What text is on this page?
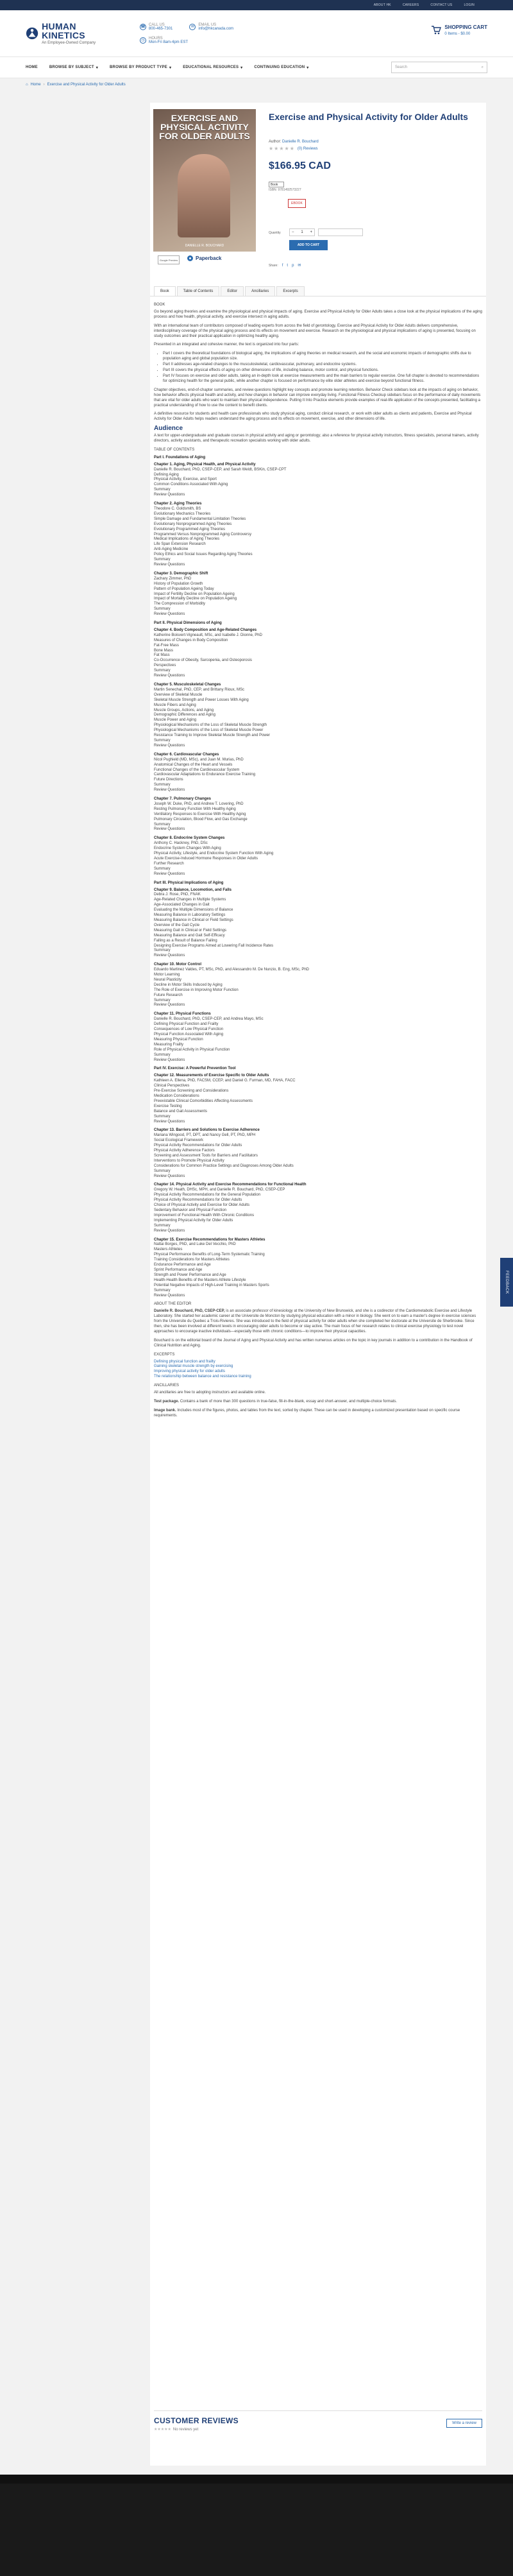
ABOUT HK	CAREERS	CONTACT US	LOGIN
HUMAN KINETICS
An Employee-Owned Company
☎
CALL US
800-465-7301	✉
EMAIL US
info@hkcanada.com
◷
HOURS
Mon-Fri 8am-4pm EST
SHOPPING CART
0 Items - $0.00
HOME	BROWSE BY SUBJECT ▾	BROWSE BY PRODUCT TYPE ▾	EDUCATIONAL RESOURCES ▾	CONTINUING EDUCATION ▾	Search	⌕
⌂ Home › Exercise and Physical Activity for Older Adults
EXERCISE AND PHYSICAL ACTIVITY FOR OLDER ADULTS
DANIELLE R. BOUCHARD
Google Preview	Paperback
Exercise and Physical Activity for Older Adults
Author: Danielle R. Bouchard
★ ★ ★ ★ ★ (0) Reviews
$166.95 CAD
Book
ISBN: 9781492573227
EBOOK
Quantity	− 1 +
ADD TO CART
Share: f t p ✉
Book	Table of Contents	Editor	Ancillaries	Excerpts
BOOK

Go beyond aging theories and examine the physiological and physical impacts of aging. Exercise and Physical Activity for Older Adults takes a close look at the physical implications of the aging process and how health, physical activity, and exercise intersect in aging adults.

With an international team of contributors composed of leading experts from across the field of gerontology, Exercise and Physical Activity for Older Adults delivers comprehensive, interdisciplinary coverage of the physical aging process and its effects on movement and exercise. Research on the physiological and physical implications of aging is presented, focusing on study outcomes and their practical application in optimizing healthy aging.

Presented in an integrated and cohesive manner, the text is organized into four parts:

• Part I covers the theoretical foundations of biological aging, the implications of aging theories on medical research, and the social and economic impacts of demographic shifts due to population aging and global population size.
• Part II addresses age-related changes to the musculoskeletal, cardiovascular, pulmonary, and endocrine systems.
• Part III covers the physical effects of aging on other dimensions of life, including balance, motor control, and physical functions.
• Part IV focuses on exercise and older adults, taking an in-depth look at exercise measurements and the main barriers to regular exercise. One full chapter is devoted to recommendations for optimizing health for the general public, while another chapter is focused on performance by elite older athletes and exercise beyond functional fitness.

Chapter objectives, end-of-chapter summaries, and review questions highlight key concepts and promote learning retention. Behavior Check sidebars look at the impacts of aging on behavior, how behavior affects physical health and activity, and how changes in behavior can improve everyday living. Functional Fitness Checkup sidebars focus on the performance of daily movements that are vital for older adults who want to maintain their physical independence. Putting It Into Practice elements provide examples of real-life application of the concepts presented, facilitating a practical understanding of how to use the content to benefit clients.

A definitive resource for students and health care professionals who study physical aging, conduct clinical research, or work with older adults as clients and patients, Exercise and Physical Activity for Older Adults helps readers understand the aging process and its effects on movement, exercise, and other dimensions of life.

Audience

A text for upper-undergraduate and graduate courses in physical activity and aging or gerontology; also a reference for physical activity instructors, fitness specialists, personal trainers, activity directors, activity assistants, and therapeutic recreation specialists working with older adults.

TABLE OF CONTENTS
Part I. Foundations of Aging
Chapter 1. Aging, Physical Health, and Physical Activity
Danielle R. Bouchard, PhD, CSEP-CEP, and Sarah Weldt, BSKin, CSEP-CPT
Defining Aging
Physical Activity, Exercise, and Sport
Common Conditions Associated With Aging
Summary
Review Questions
Chapter 2. Aging Theories
Theodore C. Goldsmith, BS
Evolutionary Mechanics Theories
Simple Damage and Fundamental Limitation Theories
Evolutionary Nonprogrammed Aging Theories
Evolutionary Programmed Aging Theories
Programmed Versus Nonprogrammed Aging Controversy
Medical Implications of Aging Theories
Life Span Extension Research
Anti-Aging Medicine
Policy Ethics and Social Issues Regarding Aging Theories
Summary
Review Questions
Chapter 3. Demographic Shift
Zachary Zimmer, PhD
History of Population Growth
Pattern of Population Ageing Today
Impact of Fertility Decline on Population Ageing
Impact of Mortality Decline on Population Ageing
The Compression of Morbidity
Summary
Review Questions
Part II. Physical Dimensions of Aging
Chapter 4. Body Composition and Age-Related Changes
Katherine Boisvert-Vigneault, MSc, and Isabelle J. Dionne, PhD
Measures of Changes in Body Composition
Fat-Free Mass
Bone Mass
Fat Mass
Co-Occurrence of Obesity, Sarcopenia, and Osteoporosis
Perspectives
Summary
Review Questions
Chapter 5. Musculoskeletal Changes
Martin Senechal, PhD, CEP, and Brittany Rioux, MSc
Overview of Skeletal Muscle
Skeletal Muscle Strength and Power Losses With Aging
Muscle Fibers and Aging
Muscle Groups, Actions, and Aging
Demographic Differences and Aging
Muscle Power and Aging
Physiological Mechanisms of the Loss of Skeletal Muscle Strength
Physiological Mechanisms of the Loss of Skeletal Muscle Power
Resistance Training to Improve Skeletal Muscle Strength and Power
Summary
Review Questions
Chapter 6. Cardiovascular Changes
Nicol Pughield (MD, MSc), and Juan M. Murias, PhD
Anatomical Changes of the Heart and Vessels
Functional Changes of the Cardiovascular System
Cardiovascular Adaptations to Endurance Exercise Training
Future Directions
Summary
Review Questions
Chapter 7. Pulmonary Changes
Joseph W. Duke, PhD, and Andrew T. Lovering, PhD
Resting Pulmonary Function With Healthy Aging
Ventilatory Responses to Exercise With Healthy Aging
Pulmonary Circulation, Blood Flow, and Gas Exchange
Summary
Review Questions
Chapter 8. Endocrine System Changes
Anthony C. Hackney, PhD, DSc
Endocrine System Changes With Aging
Physical Activity, Lifestyle, and Endocrine System Function With Aging
Acute Exercise-Induced Hormone Responses in Older Adults
Further Research
Summary
Review Questions
Part III. Physical Implications of Aging
Chapter 9. Balance, Locomotion, and Falls
Debra J. Rose, PhD, FNAK
Age-Related Changes in Multiple Systems
Age-Associated Changes in Gait
Evaluating the Multiple Dimensions of Balance
Measuring Balance in Laboratory Settings
Measuring Balance in Clinical or Field Settings
Overview of the Gait Cycle
Measuring Gait in Clinical or Field Settings
Measuring Balance and Gait Self-Efficacy
Falling as a Result of Balance Failing
Designing Exercise Programs Aimed at Lowering Fall Incidence Rates
Summary
Review Questions
Chapter 10. Motor Control
Eduardo Martinez Valdes, PT, MSc, PhD, and Alessandro M. De Nunzio, B. Eng, MSc, PhD
Motor Learning
Neural Plasticity
Decline in Motor Skills Induced by Aging
The Role of Exercise in Improving Motor Function
Future Research
Summary
Review Questions
Chapter 11. Physical Functions
Danielle R. Bouchard, PhD, CSEP-CEP, and Andrea Mayo, MSc
Defining Physical Function and Frailty
Consequences of Low Physical Function
Physical Function Associated With Aging
Measuring Physical Function
Measuring Frailty
Role of Physical Activity in Physical Function
Summary
Review Questions
Part IV. Exercise: A Powerful Prevention Tool
Chapter 12. Measurements of Exercise Specific to Older Adults
Kathleen A. Ellena, PhD, FACSM, CCEP, and Daniel G. Furman, MD, FAHA, FACC
Clinical Perspectives
Pre-Exercise Screening and Considerations
Medication Considerations
Preexistable Clinical Comorbidities Affecting Assessments
Exercise Testing
Balance and Gait Assessments
Summary
Review Questions
Chapter 13. Barriers and Solutions to Exercise Adherence
Mariana Wingood, PT, DPT, and Nancy Gell, PT, PhD, MPH
Social Ecological Framework
Physical Activity Recommendations for Older Adults
Physical Activity Adherence Factors
Screening and Assessment Tools for Barriers and Facilitators
Interventions to Promote Physical Activity
Considerations for Common Practice Settings and Diagnoses Among Older Adults
Summary
Review Questions
Chapter 14. Physical Activity and Exercise Recommendations for Functional Health
Gregory W. Heath, DHSc, MPH, and Danielle R. Bouchard, PhD, CSEP-CEP
Physical Activity Recommendations for the General Population
Physical Activity Recommendations for Older Adults
Choice of Physical Activity and Exercise for Older Adults
Sedentary Behavior and Physical Function
Improvement of Functional Health With Chronic Conditions
Implementing Physical Activity for Older Adults
Summary
Review Questions
Chapter 15. Exercise Recommendations for Masters Athletes
Nattai Borges, PhD, and Luke Del Vecchio, PhD
Masters Athletes
Physical Performance Benefits of Long-Term Systematic Training
Training Considerations for Masters Athletes
Endurance Performance and Age
Sprint Performance and Age
Strength and Power Performance and Age
Health-Health Benefits of the Masters Athlete Lifestyle
Potential Negative Impacts of High-Level Training in Masters Sports
Summary
Review Questions
ABOUT THE EDITOR

Danielle R. Bouchard, PhD, CSEP-CEP, is an associate professor of kinesiology at the University of New Brunswick, and she is a codirector of the Cardiometabolic Exercise and Lifestyle Laboratory. She started her academic career at the Universite de Moncton by studying physical education with a minor in biology. She went on to earn a master's degree in exercise sciences from the Universite du Quebec a Trois-Rivieres. She was introduced to the field of physical activity for older adults when she completed her doctorate at the Universite de Sherbrooke. Since then, she has been involved at different levels in encouraging older adults to become or stay active. The main focus of her research relates to clinical exercise physiology to test novel approaches to encourage inactive individuals—especially those with chronic conditions—to improve their physical capacities.

Bouchard is on the editorial board of the Journal of Aging and Physical Activity and has written numerous articles on the topic in key journals in addition to a contribution in the Handbook of Clinical Nutrition and Aging.

EXCERPTS
Defining physical function and frailty
Gaining skeletal muscle strength by exercising
Improving physical activity for older adults
The relationship between balance and resistance training
ANCILLARIES

All ancillaries are free to adopting instructors and available online.

Test package. Contains a bank of more than 300 questions in true-false, fill-in-the-blank, essay and short-answer, and multiple-choice formats.

Image bank. Includes most of the figures, photos, and tables from the text, sorted by chapter. These can be used in developing a customized presentation based on specific course requirements.

CUSTOMER REVIEWS
★★★★★ No reviews yet
Write a review
FEEDBACK
